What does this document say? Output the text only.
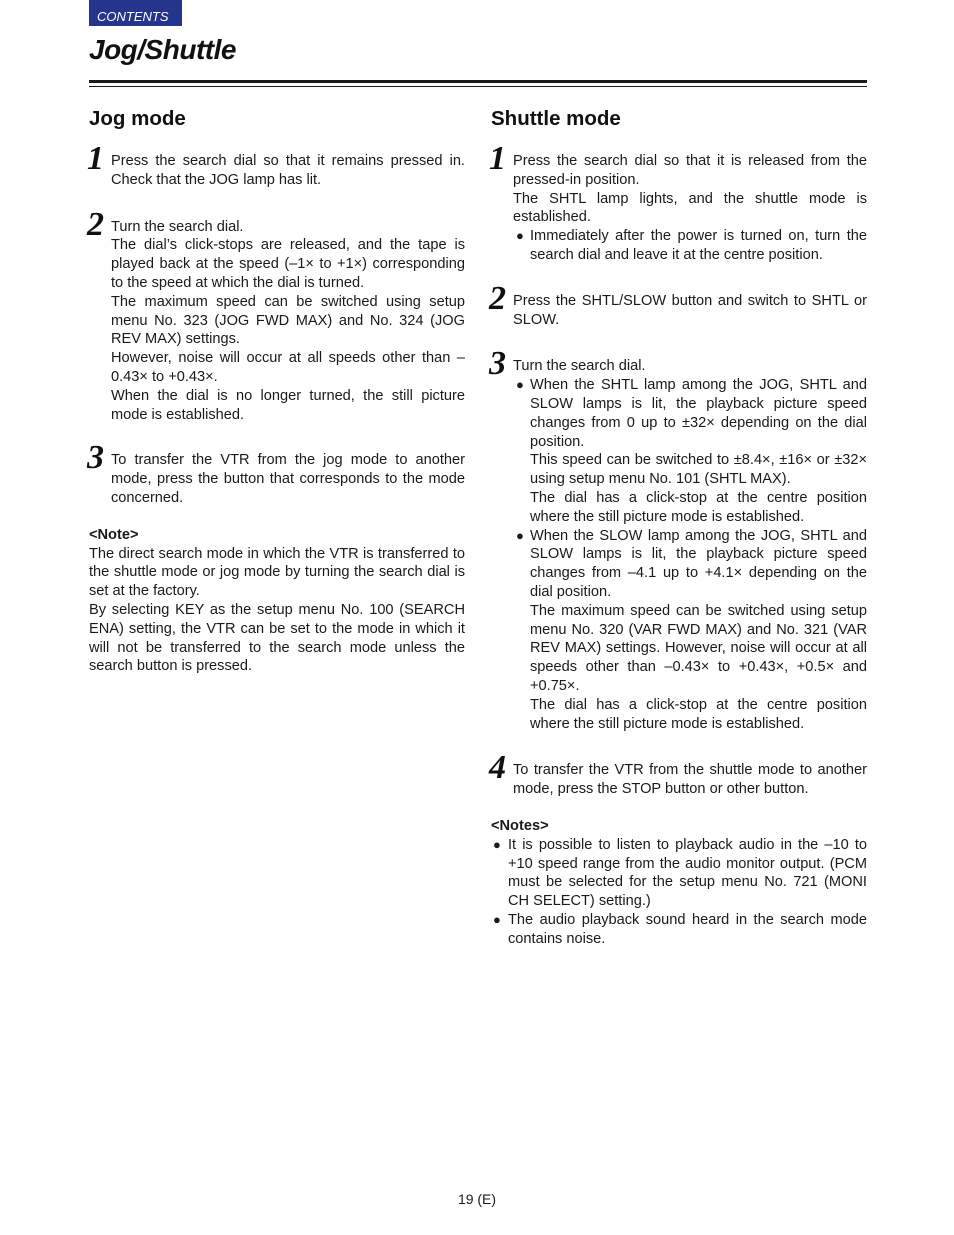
CONTENTS
Jog/Shuttle
Jog mode
1 Press the search dial so that it remains pressed in. Check that the JOG lamp has lit.

2 Turn the search dial.

The dial’s click-stops are released, and the tape is played back at the speed (–1× to +1×) corresponding to the speed at which the dial is turned.

The maximum speed can be switched using setup menu No. 323 (JOG FWD MAX) and No. 324 (JOG REV MAX) settings.

However, noise will occur at all speeds other than –0.43× to +0.43×.

When the dial is no longer turned, the still picture mode is established.

3 To transfer the VTR from the jog mode to another mode, press the button that corresponds to the mode concerned.

<Note>

The direct search mode in which the VTR is transferred to the shuttle mode or jog mode by turning the search dial is set at the factory.

By selecting KEY as the setup menu No. 100 (SEARCH ENA) setting, the VTR can be set to the mode in which it will not be transferred to the search mode unless the search button is pressed.

Shuttle mode
1 Press the search dial so that it is released from the pressed-in position.

The SHTL lamp lights, and the shuttle mode is established.

● Immediately after the power is turned on, turn the search dial and leave it at the centre position.

2 Press the SHTL/SLOW button and switch to SHTL or SLOW.

3 Turn the search dial.

● When the SHTL lamp among the JOG, SHTL and SLOW lamps is lit, the playback picture speed changes from 0 up to ±32× depending on the dial position.

This speed can be switched to ±8.4×, ±16× or ±32× using setup menu No. 101 (SHTL MAX).

The dial has a click-stop at the centre position where the still picture mode is established.

● When the SLOW lamp among the JOG, SHTL and SLOW lamps is lit, the playback picture speed changes from –4.1 up to +4.1× depending on the dial position.

The maximum speed can be switched using setup menu No. 320 (VAR FWD MAX) and No. 321 (VAR REV MAX) settings. However, noise will occur at all speeds other than –0.43× to +0.43×, +0.5× and +0.75×.

The dial has a click-stop at the centre position where the still picture mode is established.

4 To transfer the VTR from the shuttle mode to another mode, press the STOP button or other button.

<Notes>

● It is possible to listen to playback audio in the –10 to +10 speed range from the audio monitor output. (PCM must be selected for the setup menu No. 721 (MONI CH SELECT) setting.)

● The audio playback sound heard in the search mode contains noise.

19 (E)
